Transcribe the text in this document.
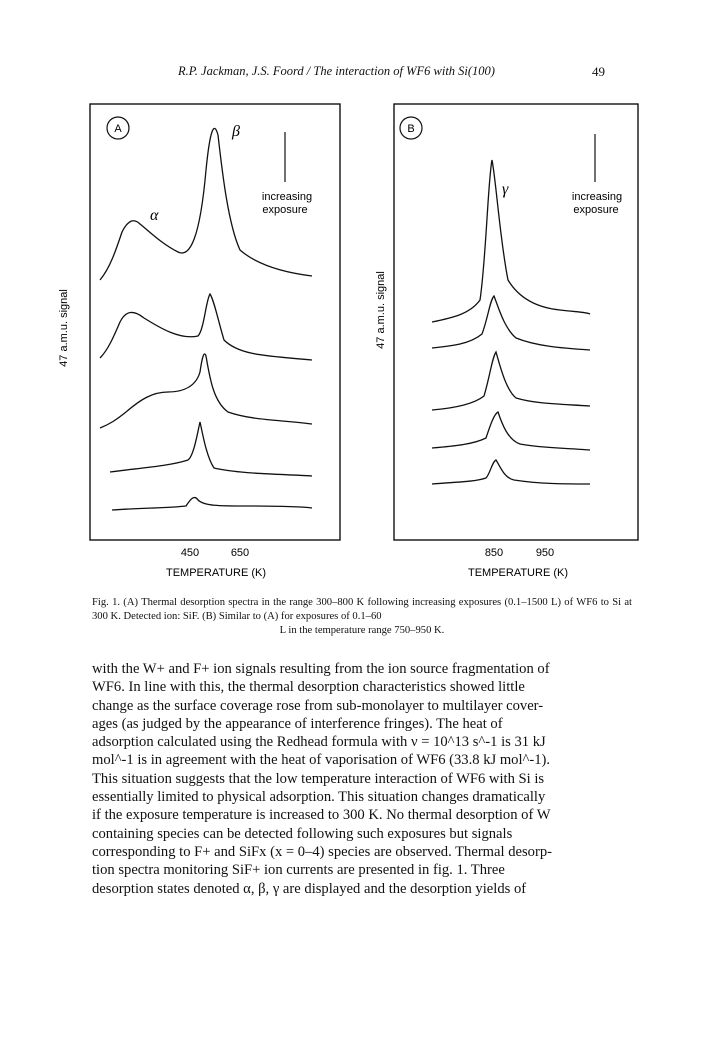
R.P. Jackman, J.S. Foord / The interaction of WF6 with Si(100)	49
A	B
α
β
increasing
exposure
47 a.m.u. signal	47 a.m.u. signal
γ	increasing
exposure
450	650
TEMPERATURE (K)
850	950
TEMPERATURE (K)
Fig. 1. (A) Thermal desorption spectra in the range 300–800 K following increasing exposures (0.1–1500 L) of WF6 to Si at 300 K. Detected ion: SiF. (B) Similar to (A) for exposures of 0.1–60
L in the temperature range 750–950 K.

with the W+ and F+ ion signals resulting from the ion source fragmentation of

WF6. In line with this, the thermal desorption characteristics showed little

change as the surface coverage rose from sub-monolayer to multilayer cover-

ages (as judged by the appearance of interference fringes). The heat of

adsorption calculated using the Redhead formula with ν = 10^13 s^-1 is 31 kJ

mol^-1 is in agreement with the heat of vaporisation of WF6 (33.8 kJ mol^-1).

This situation suggests that the low temperature interaction of WF6 with Si is

essentially limited to physical adsorption. This situation changes dramatically

if the exposure temperature is increased to 300 K. No thermal desorption of W

containing species can be detected following such exposures but signals

corresponding to F+ and SiFx (x = 0–4) species are observed. Thermal desorp-

tion spectra monitoring SiF+ ion currents are presented in fig. 1. Three

desorption states denoted α, β, γ are displayed and the desorption yields of
